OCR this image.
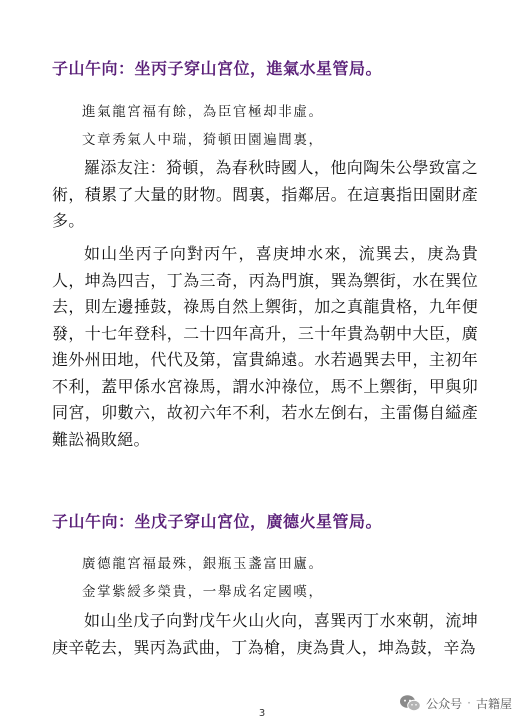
子山午向：坐丙子穿山宮位，進氣水星管局。
進氣龍宮福有餘，為臣官極却非虛。
文章秀氣人中瑞，猗頓田園遍閭裏，
羅添友注：猗頓，為春秋時國人，他向陶朱公學致富之術，積累了大量的財物。閭裏，指鄰居。在這裏指田園財產多。
如山坐丙子向對丙午，喜庚坤水來，流巽去，庚為貴人，坤為四吉，丁為三奇，丙為門旗，巽為禦街，水在巽位去，則左邊捶鼓，祿馬自然上禦街，加之真龍貴格，九年便發，十七年登科，二十四年高升，三十年貴為朝中大臣，廣進外州田地，代代及第，富貴綿遠。水若過巽去甲，主初年不利，蓋甲係水宮祿馬，謂水沖祿位，馬不上禦街，甲與卯同宮，卯數六，故初六年不利，若水左倒右，主雷傷自縊產難訟禍敗絕。
子山午向：坐戊子穿山宮位，廣德火星管局。
廣德龍宮福最殊，銀瓶玉盞富田廬。
金掌紫綬多榮貴，一舉成名定國嘆，
如山坐戊子向對戊午火山火向，喜巽丙丁水來朝，流坤庚辛乾去，巽丙為武曲，丁為槍，庚為貴人，坤為鼓，辛為
公众号 · 古籍屋
3
